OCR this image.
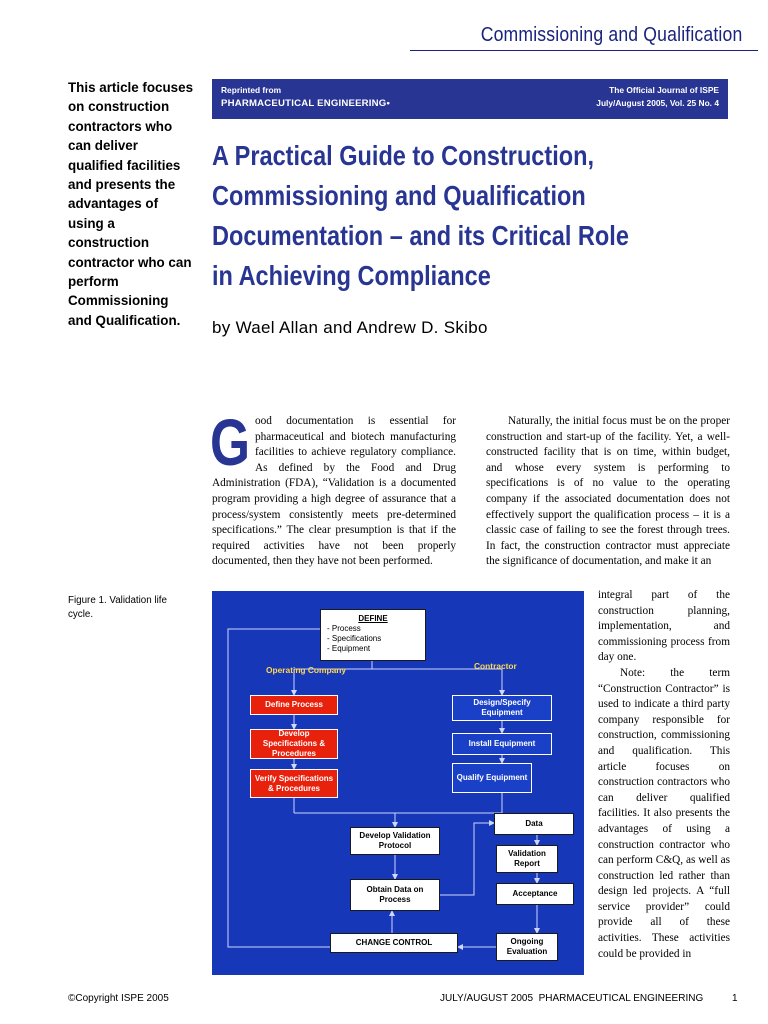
Commissioning and Qualification
This article focuses on construction contractors who can deliver qualified facilities and presents the advantages of using a construction contractor who can perform Commissioning and Qualification.
Reprinted from
PHARMACEUTICAL ENGINEERING•
The Official Journal of ISPE
July/August 2005, Vol. 25 No. 4
A Practical Guide to Construction,
Commissioning and Qualification
Documentation – and its Critical Role
in Achieving Compliance
by Wael Allan and Andrew D. Skibo
Good documentation is essential for pharmaceutical and biotech manufacturing facilities to achieve regulatory compliance. As defined by the Food and Drug Administration (FDA), “Validation is a documented program providing a high degree of assurance that a process/system consistently meets pre-determined specifications.” The clear presumption is that if the required activities have not been properly documented, then they have not been performed.
Naturally, the initial focus must be on the proper construction and start-up of the facility. Yet, a well-constructed facility that is on time, within budget, and whose every system is performing to specifications is of no value to the operating company if the associated documentation does not effectively support the qualification process – it is a classic case of failing to see the forest through trees. In fact, the construction contractor must appreciate the significance of documentation, and make it an
integral part of the construction planning, implementation, and commissioning process from day one.
Note: the term “Construction Contractor” is used to indicate a third party company responsible for construction, commissioning and qualification. This article focuses on construction contractors who can deliver qualified facilities. It also presents the advantages of using a construction contractor who can perform C&Q, as well as construction led rather than design led projects. A “full service provider” could provide all of these activities. These activities could be provided in
Figure 1. Validation life cycle.	DEFINE
- Process
- Specifications
- Equipment
Operating Company	Contractor
Define Process
Develop Specifications & Procedures
Verify Specifications & Procedures
Design/Specify Equipment
Install Equipment
Qualify Equipment
Develop Validation Protocol
Obtain Data on Process
Data
Validation Report
Acceptance
CHANGE CONTROL	Ongoing Evaluation
©Copyright ISPE 2005	JULY/AUGUST 2005 PHARMACEUTICAL ENGINEERING	1
